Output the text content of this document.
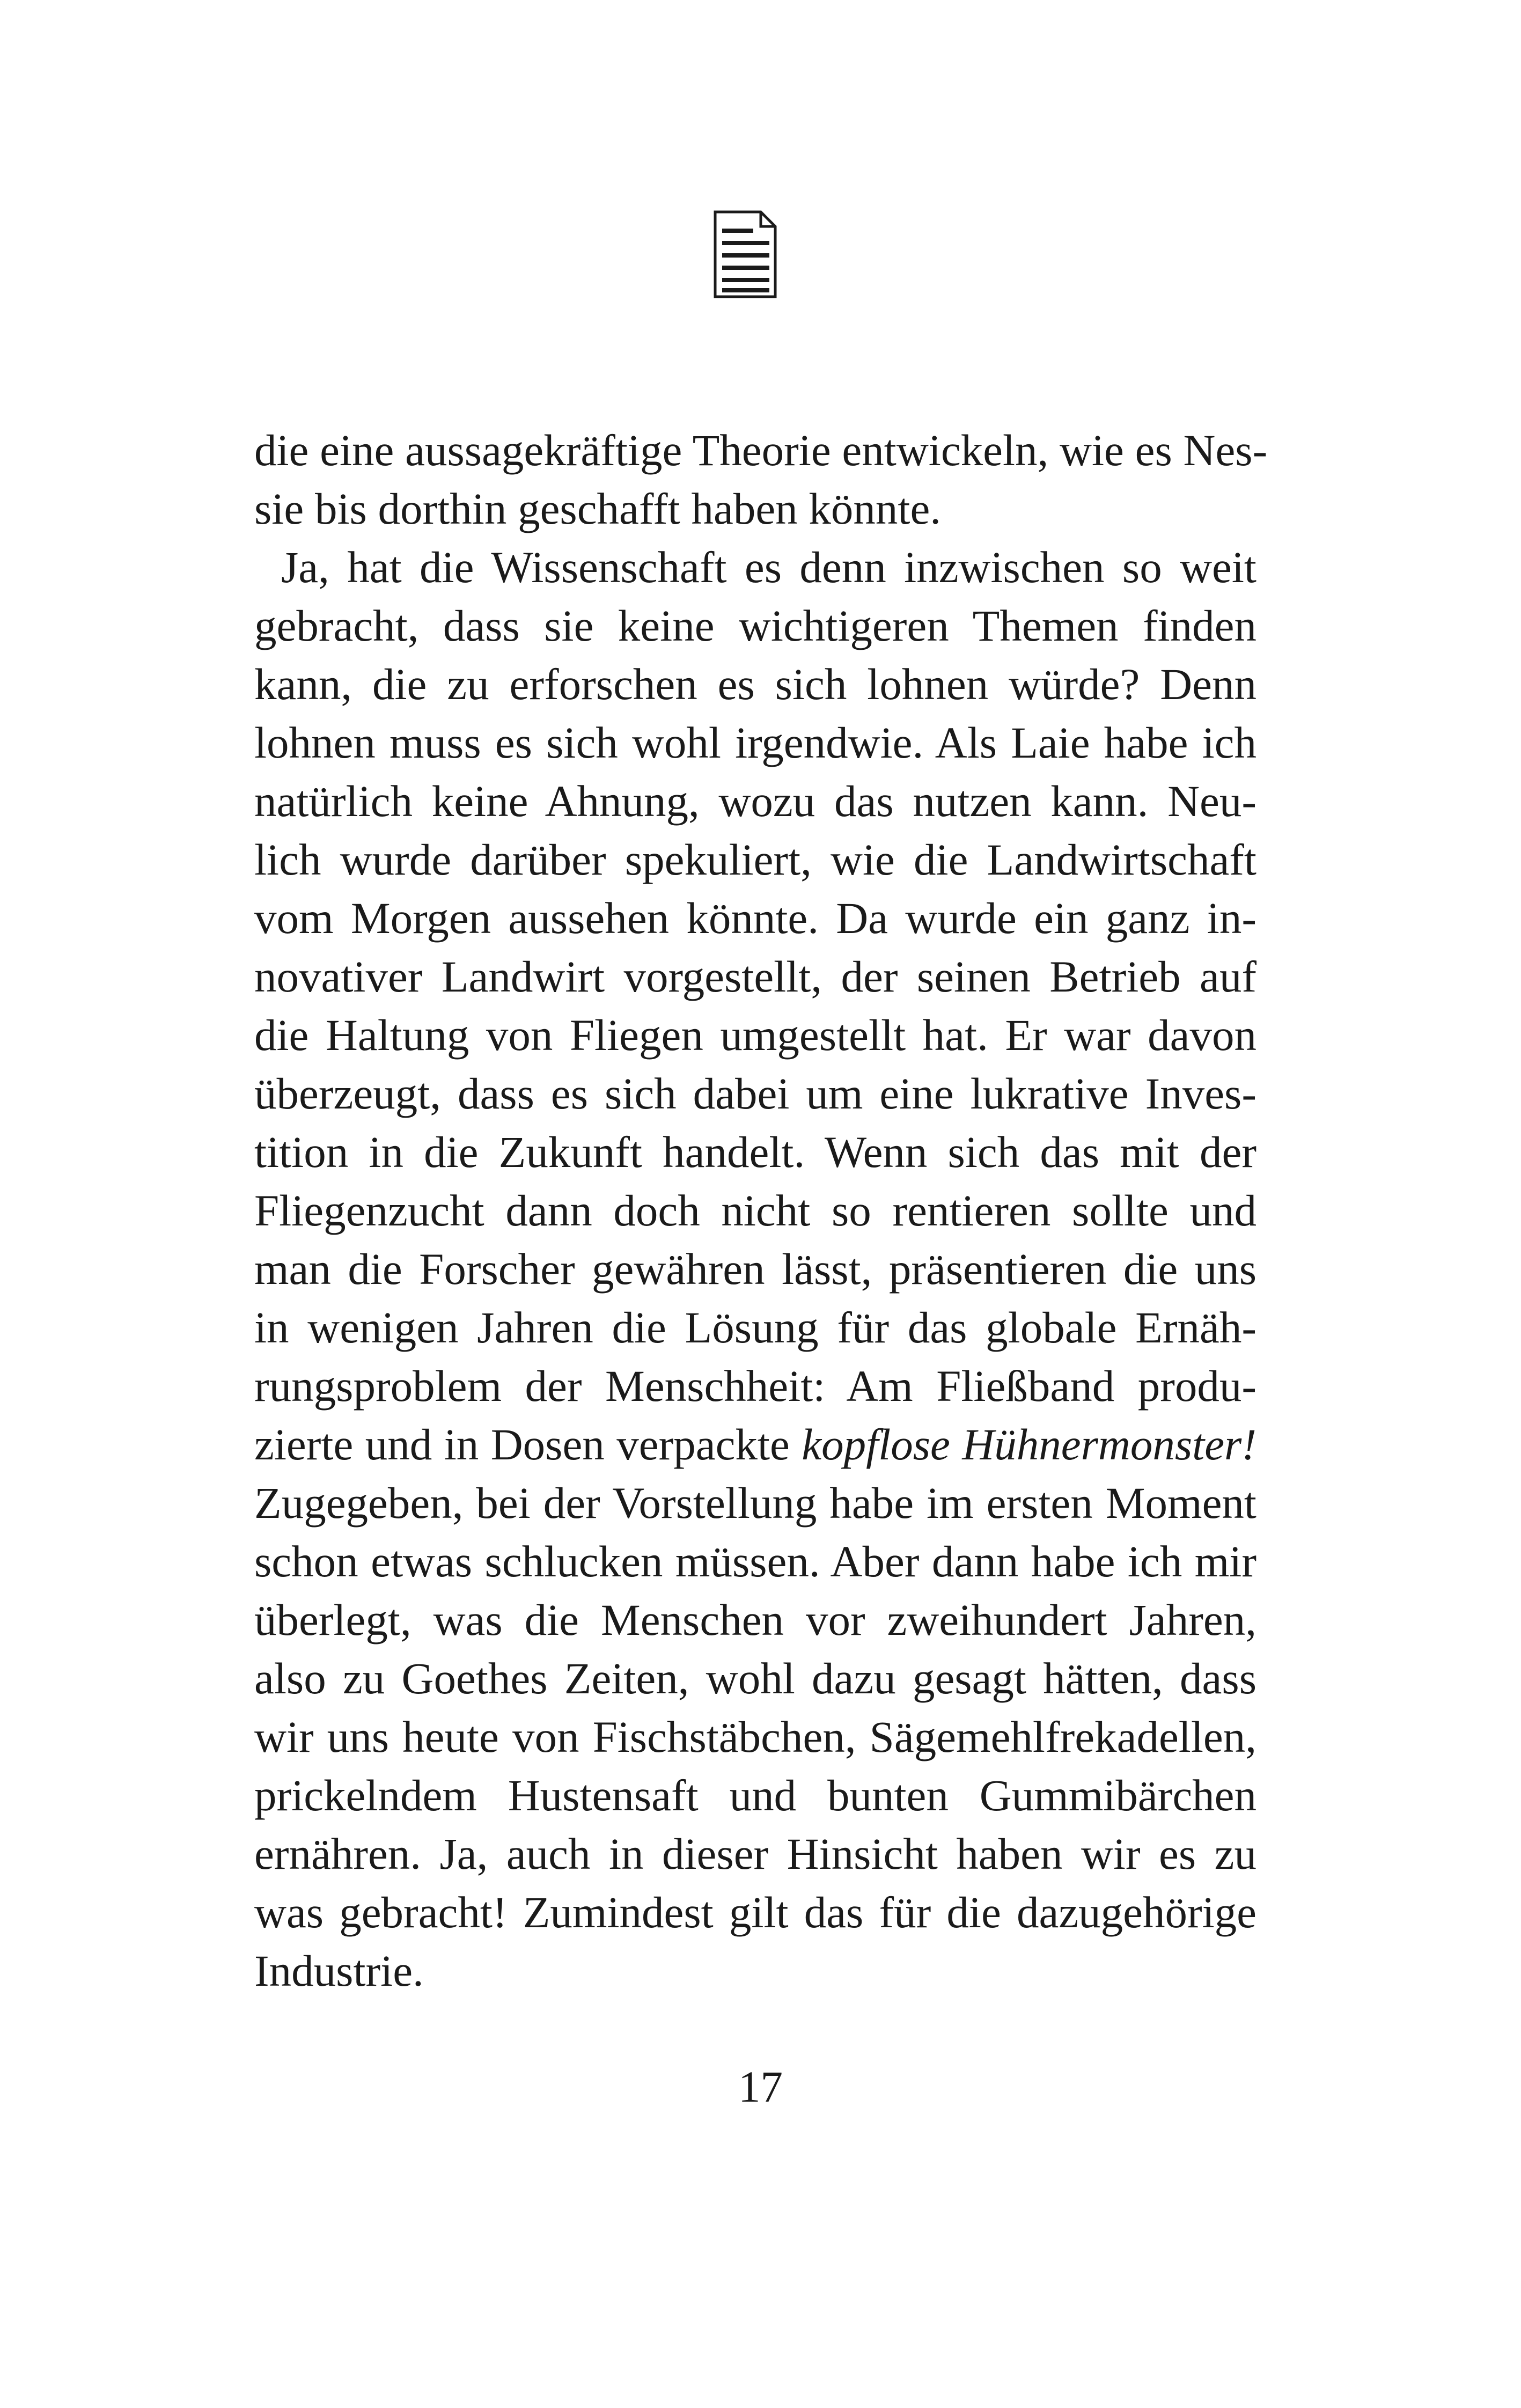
die eine aussagekräftige Theorie entwickeln, wie es Nes-
sie bis dorthin geschafft haben könnte.
Ja, hat die Wissenschaft es denn inzwischen so weit
gebracht, dass sie keine wichtigeren Themen finden
kann, die zu erforschen es sich lohnen würde? Denn
lohnen muss es sich wohl irgendwie. Als Laie habe ich
natürlich keine Ahnung, wozu das nutzen kann. Neu-
lich wurde darüber spekuliert, wie die Landwirtschaft
vom Morgen aussehen könnte. Da wurde ein ganz in-
novativer Landwirt vorgestellt, der seinen Betrieb auf
die Haltung von Fliegen umgestellt hat. Er war davon
überzeugt, dass es sich dabei um eine lukrative Inves-
tition in die Zukunft handelt. Wenn sich das mit der
Fliegenzucht dann doch nicht so rentieren sollte und
man die Forscher gewähren lässt, präsentieren die uns
in wenigen Jahren die Lösung für das globale Ernäh-
rungsproblem der Menschheit: Am Fließband produ-
zierte und in Dosen verpackte kopflose Hühnermonster!
Zugegeben, bei der Vorstellung habe im ersten Moment
schon etwas schlucken müssen. Aber dann habe ich mir
überlegt, was die Menschen vor zweihundert Jahren,
also zu Goethes Zeiten, wohl dazu gesagt hätten, dass
wir uns heute von Fischstäbchen, Sägemehlfrekadellen,
prickelndem Hustensaft und bunten Gummibärchen
ernähren. Ja, auch in dieser Hinsicht haben wir es zu
was gebracht! Zumindest gilt das für die dazugehörige
Industrie.
17
